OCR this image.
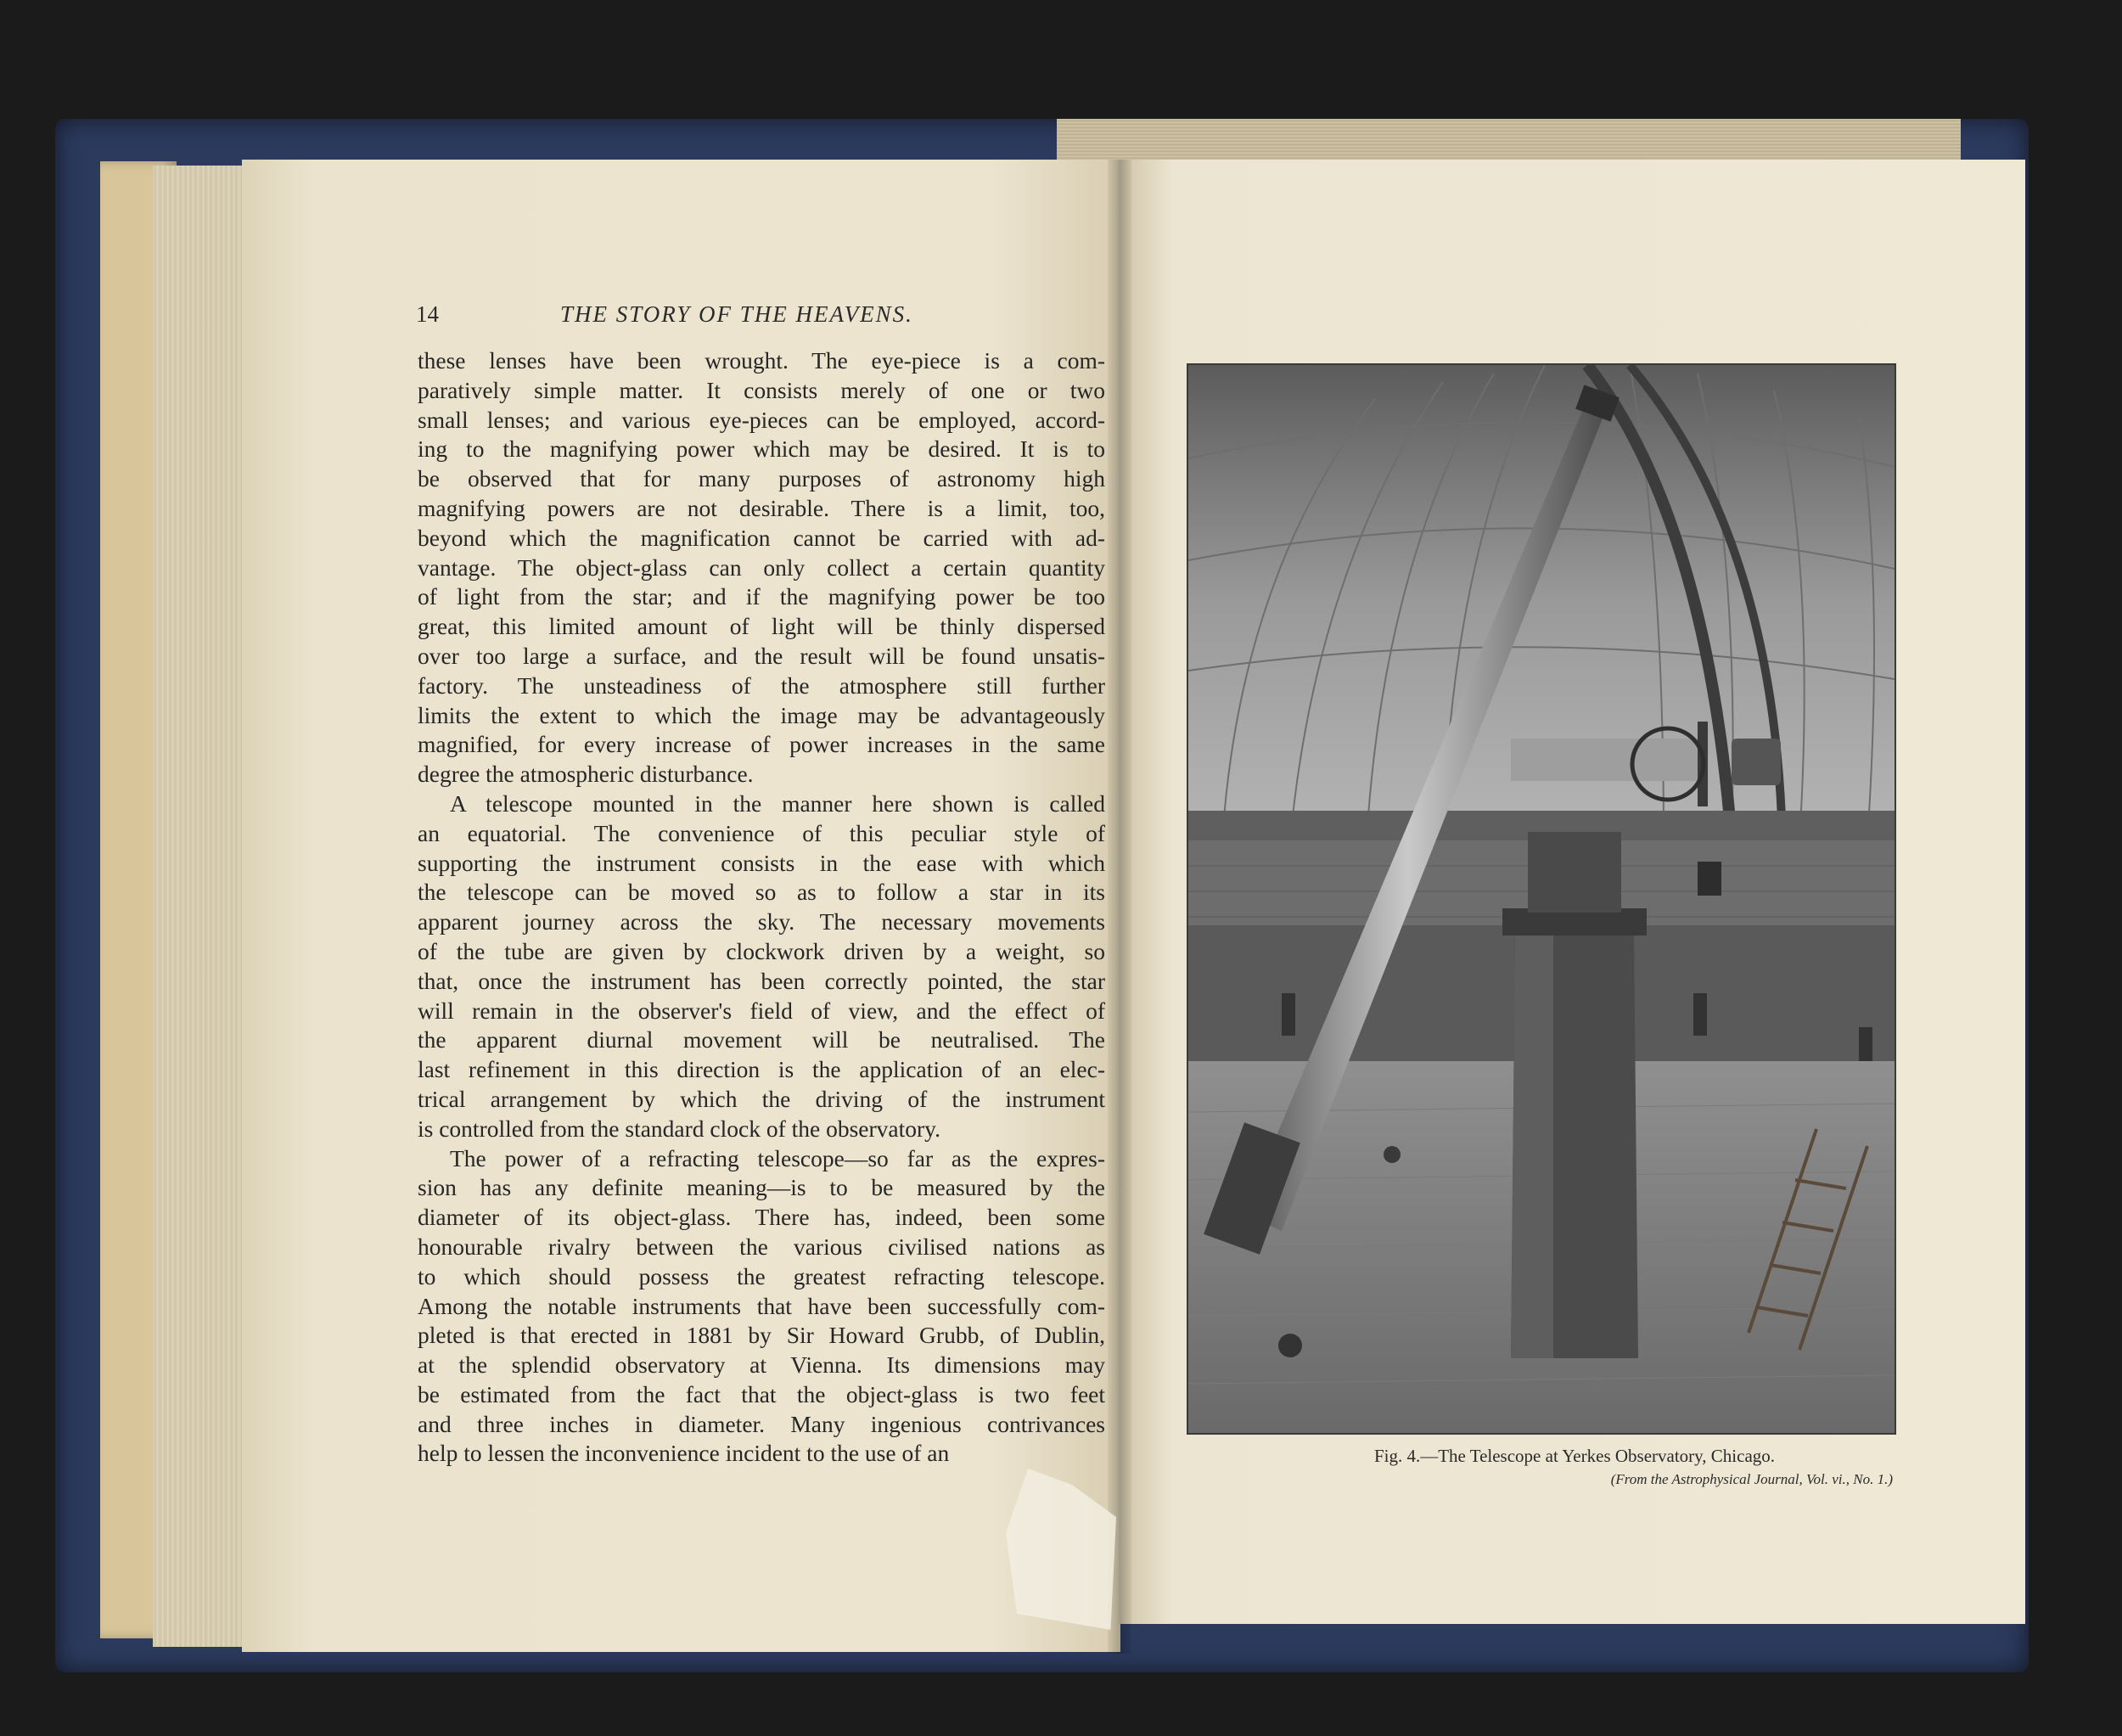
14	THE STORY OF THE HEAVENS.
these lenses have been wrought. The eye-piece is a com-
paratively simple matter. It consists merely of one or two
small lenses; and various eye-pieces can be employed, accord-
ing to the magnifying power which may be desired. It is to
be observed that for many purposes of astronomy high
magnifying powers are not desirable. There is a limit, too,
beyond which the magnification cannot be carried with ad-
vantage. The object-glass can only collect a certain quantity
of light from the star; and if the magnifying power be too
great, this limited amount of light will be thinly dispersed
over too large a surface, and the result will be found unsatis-
factory. The unsteadiness of the atmosphere still further
limits the extent to which the image may be advantageously
magnified, for every increase of power increases in the same
degree the atmospheric disturbance.
A telescope mounted in the manner here shown is called
an equatorial. The convenience of this peculiar style of
supporting the instrument consists in the ease with which
the telescope can be moved so as to follow a star in its
apparent journey across the sky. The necessary movements
of the tube are given by clockwork driven by a weight, so
that, once the instrument has been correctly pointed, the star
will remain in the observer's field of view, and the effect of
the apparent diurnal movement will be neutralised. The
last refinement in this direction is the application of an elec-
trical arrangement by which the driving of the instrument
is controlled from the standard clock of the observatory.
The power of a refracting telescope—so far as the expres-
sion has any definite meaning—is to be measured by the
diameter of its object-glass. There has, indeed, been some
honourable rivalry between the various civilised nations as
to which should possess the greatest refracting telescope.
Among the notable instruments that have been successfully com-
pleted is that erected in 1881 by Sir Howard Grubb, of Dublin,
at the splendid observatory at Vienna. Its dimensions may
be estimated from the fact that the object-glass is two feet
and three inches in diameter. Many ingenious contrivances
help to lessen the inconvenience incident to the use of an	Fig. 4.—The Telescope at Yerkes Observatory, Chicago.
(From the Astrophysical Journal, Vol. vi., No. 1.)
